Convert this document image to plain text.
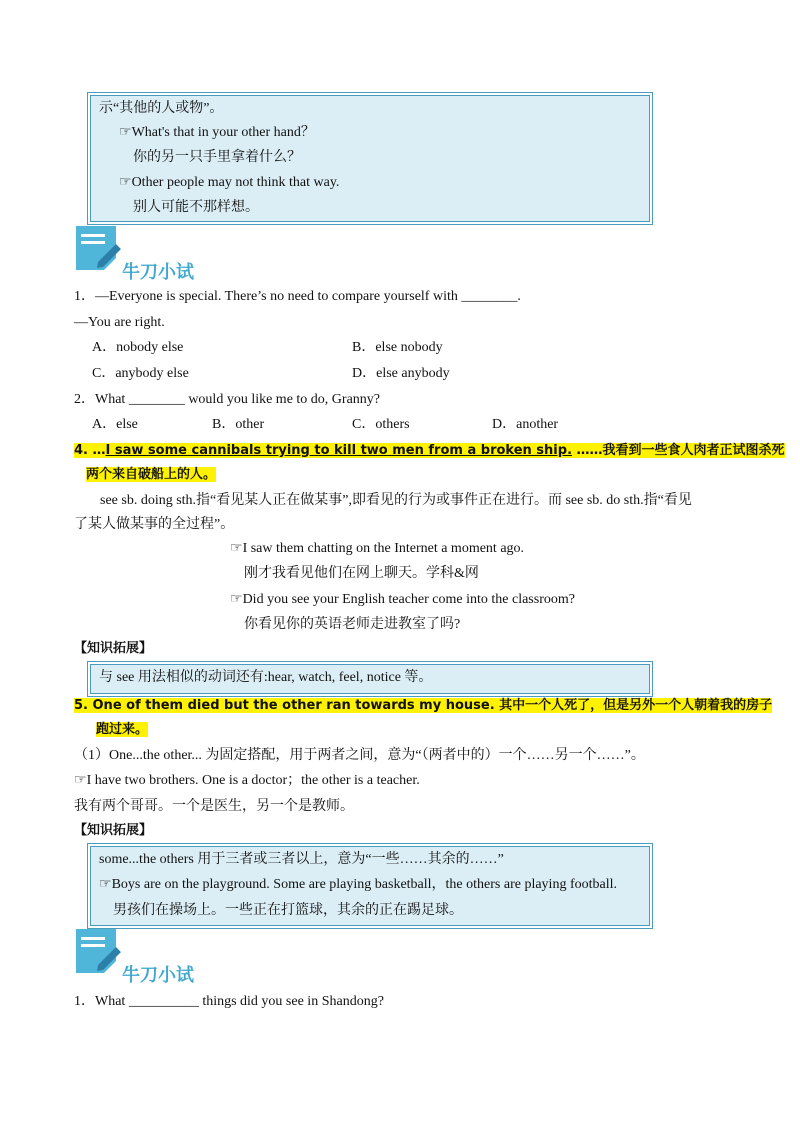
示“其他的人或物”。
☞What's that in your other hand？
你的另一只手里拿着什么？
☞Other people may not think that way.
别人可能不那样想。
牛刀小试
1．—Everyone is special. There’s no need to compare yourself with ________.
—You are right.
A．nobody else	B．else nobody
C．anybody else	D．else anybody
2．What ________ would you like me to do, Granny?
A．else	B．other	C．others	D．another
4. …I saw some cannibals trying to kill two men from a broken ship. ……我看到一些食人肉者正试图杀死
两个来自破船上的人。
see sb. doing sth.指“看见某人正在做某事”,即看见的行为或事件正在进行。而 see sb. do sth.指“看见
了某人做某事的全过程”。
☞I saw them chatting on the Internet a moment ago.
刚才我看见他们在网上聊天。学科&网
☞Did you see your English teacher come into the classroom?
你看见你的英语老师走进教室了吗?
【知识拓展】
与 see 用法相似的动词还有:hear, watch, feel, notice 等。
5. One of them died but the other ran towards my house. 其中一个人死了，但是另外一个人朝着我的房子
跑过来。
（1）One...the other... 为固定搭配，用于两者之间，意为“（两者中的）一个……另一个……”。
☞I have two brothers. One is a doctor；the other is a teacher.
我有两个哥哥。一个是医生，另一个是教师。
【知识拓展】
some...the others 用于三者或三者以上，意为“一些……其余的……”
☞Boys are on the playground. Some are playing basketball，the others are playing football.
男孩们在操场上。一些正在打篮球，其余的正在踢足球。
牛刀小试
1．What __________ things did you see in Shandong?
